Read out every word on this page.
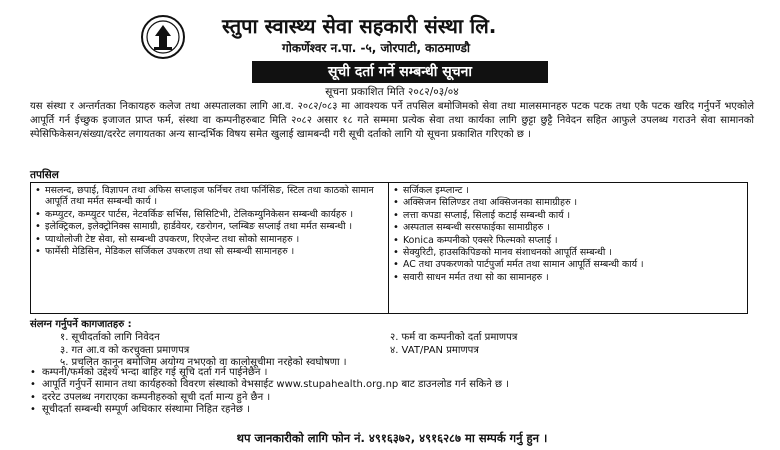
स्तुपा स्वास्थ्य सेवा सहकारी संस्था लि.
गोकर्णेश्वर न.पा. -५, जोरपाटी, काठमाण्डौ
सूची दर्ता गर्ने सम्बन्धी सूचना
सूचना प्रकाशित मिति २०८२/०३/०४
यस संस्था र अन्तर्गतका निकायहरु कलेज तथा अस्पतालका लागि आ.व. २०८२/०८३ मा आवश्यक पर्ने तपसिल बमोजिमको सेवा तथा मालसमानहरु पटक पटक तथा एकै पटक खरिद गर्नुपर्ने भएकोले आपूर्ति गर्न ईच्छुक इजाजत प्राप्त फर्म, संस्था वा कम्पनीहरुबाट मिति २०८२ असार १८ गते सम्ममा प्रत्येक सेवा तथा कार्यका लागि छुट्टा छुट्टै निवेदन सहित आफुले उपलब्ध गराउने सेवा सामानको स्पेसिफिकेसन/संख्या/दररेट लगायतका अन्य सान्दर्भिक विषय समेत खुलाई खामबन्दी गरी सूची दर्ताको लागि यो सूचना प्रकाशित गरिएको छ ।
तपसिल
• मसलन्द, छपाई, विज्ञापन तथा अफिस सप्लाइज फर्निचर तथा फर्निसिङ, स्टिल तथा काठको सामान आपूर्ति तथा मर्मत सम्बन्धी कार्य ।
• कम्प्युटर, कम्प्युटर पार्टस, नेटवर्किङ सर्भिस, सिसिटिभी, टेलिकम्युनिकेसन सम्बन्धी कार्यहरु ।
• इलेक्ट्रिकल, इलेक्ट्रोनिक्स सामाग्री, हार्डवेयर, रङरोगन, प्लम्बिङ सप्लाई तथा मर्मत सम्बन्धी ।
• प्याथोलोजी टेष्ट सेवा, सो सम्बन्धी उपकरण, रिएजेन्ट तथा सोको सामानहरु ।
• फार्मेसी मेडिसिन, मेडिकल सर्जिकल उपकरण तथा सो सम्बन्धी सामानहरु ।
• सर्जिकल इम्प्लान्ट ।
• अक्सिजन सिलिण्डर तथा अक्सिजनका सामाग्रीहरु ।
• लत्ता कपडा सप्लाई, सिलाई कटाई सम्बन्धी कार्य ।
• अस्पताल सम्बन्धी सरसफाईका सामाग्रीहरु ।
• Konica कम्पनीको एक्सरे फिल्मको सप्लाई ।
• सेक्युरिटी, हाउसकिपिङको मानव संशाधनको आपूर्ति सम्बन्धी ।
• AC तथा उपकरणको पार्टपुर्जा मर्मत तथा सामान आपूर्ति सम्बन्धी कार्य ।
• सवारी साधन मर्मत तथा सो का सामानहरु ।
संलग्न गर्नुपर्ने कागजातहरु :
१. सूचीदर्ताको लागि निवेदन	२. फर्म वा कम्पनीको दर्ता प्रमाणपत्र
३. गत आ.व को करचुक्ता प्रमाणपत्र	४. VAT/PAN प्रमाणपत्र
५. प्रचलित कानून बमोजिम अयोग्य नभएको वा कालोसूचीमा नरहेको स्वघोषणा ।
• कम्पनी/फर्मको उद्देश्य भन्दा बाहिर गई सूचि दर्ता गर्न पाईनेछैन ।
• आपूर्ति गर्नुपर्ने सामान तथा कार्यहरुको विवरण संस्थाको वेभसाईट www.stupahealth.org.np बाट डाउनलोड गर्न सकिने छ ।
• दररेट उपलब्ध नगराएका कम्पनीहरुको सूची दर्ता मान्य हुने छैन ।
• सूचीदर्ता सम्बन्धी सम्पूर्ण अधिकार संस्थामा निहित रहनेछ ।
थप जानकारीको लागि फोन नं. ४९१६३७२, ४९१६२८७ मा सम्पर्क गर्नु हुन ।
